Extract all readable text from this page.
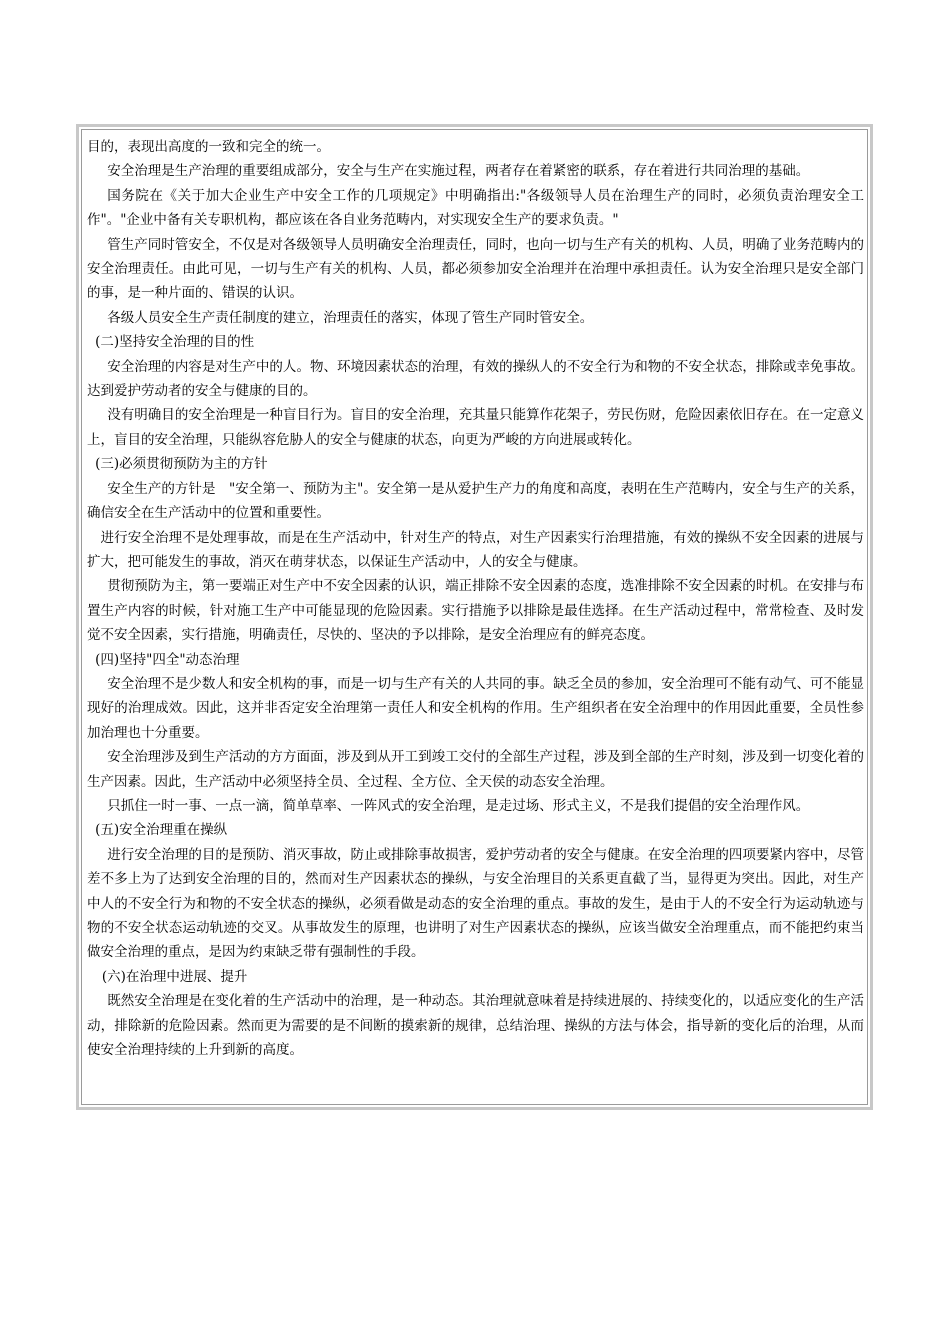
目的，表现出高度的一致和完全的统一。

安全治理是生产治理的重要组成部分，安全与生产在实施过程，两者存在着紧密的联系，存在着进行共同治理的基础。

国务院在《关于加大企业生产中安全工作的几项规定》中明确指出:"各级领导人员在治理生产的同时，必须负责治理安全工作"。"企业中备有关专职机构，都应该在各自业务范畴内，对实现安全生产的要求负责。"

管生产同时管安全，不仅是对各级领导人员明确安全治理责任，同时，也向一切与生产有关的机构、人员，明确了业务范畴内的安全治理责任。由此可见，一切与生产有关的机构、人员，都必须参加安全治理并在治理中承担责任。认为安全治理只是安全部门的事，是一种片面的、错误的认识。

各级人员安全生产责任制度的建立，治理责任的落实，体现了管生产同时管安全。

(二)坚持安全治理的目的性

安全治理的内容是对生产中的人。物、环境因素状态的治理，有效的操纵人的不安全行为和物的不安全状态，排除或幸免事故。达到爱护劳动者的安全与健康的目的。

没有明确目的安全治理是一种盲目行为。盲目的安全治理，充其量只能算作花架子，劳民伤财，危险因素依旧存在。在一定意义上，盲目的安全治理，只能纵容危胁人的安全与健康的状态，向更为严峻的方向进展或转化。

(三)必须贯彻预防为主的方针

安全生产的方针是　"安全第一、预防为主"。安全第一是从爱护生产力的角度和高度，表明在生产范畴内，安全与生产的关系，确信安全在生产活动中的位置和重要性。

进行安全治理不是处理事故，而是在生产活动中，针对生产的特点，对生产因素实行治理措施，有效的操纵不安全因素的进展与扩大，把可能发生的事故，消灭在萌芽状态，以保证生产活动中，人的安全与健康。

贯彻预防为主，第一要端正对生产中不安全因素的认识，端正排除不安全因素的态度，选准排除不安全因素的时机。在安排与布置生产内容的时候，针对施工生产中可能显现的危险因素。实行措施予以排除是最佳选择。在生产活动过程中，常常检查、及时发觉不安全因素，实行措施，明确责任，尽快的、坚决的予以排除，是安全治理应有的鲜亮态度。

(四)坚持"四全"动态治理

安全治理不是少数人和安全机构的事，而是一切与生产有关的人共同的事。缺乏全员的参加，安全治理可不能有动气、可不能显现好的治理成效。因此，这并非否定安全治理第一责任人和安全机构的作用。生产组织者在安全治理中的作用因此重要，全员性参加治理也十分重要。

安全治理涉及到生产活动的方方面面，涉及到从开工到竣工交付的全部生产过程，涉及到全部的生产时刻，涉及到一切变化着的生产因素。因此，生产活动中必须坚持全员、全过程、全方位、全天侯的动态安全治理。

只抓住一时一事、一点一滴，简单草率、一阵风式的安全治理，是走过场、形式主义，不是我们提倡的安全治理作风。

(五)安全治理重在操纵

进行安全治理的目的是预防、消灭事故，防止或排除事故损害，爱护劳动者的安全与健康。在安全治理的四项要紧内容中，尽管差不多上为了达到安全治理的目的，然而对生产因素状态的操纵，与安全治理目的关系更直截了当，显得更为突出。因此，对生产中人的不安全行为和物的不安全状态的操纵，必须看做是动态的安全治理的重点。事故的发生，是由于人的不安全行为运动轨迹与物的不安全状态运动轨迹的交叉。从事故发生的原理，也讲明了对生产因素状态的操纵，应该当做安全治理重点，而不能把约束当做安全治理的重点，是因为约束缺乏带有强制性的手段。

(六)在治理中进展、提升

既然安全治理是在变化着的生产活动中的治理，是一种动态。其治理就意味着是持续进展的、持续变化的，以适应变化的生产活动，排除新的危险因素。然而更为需要的是不间断的摸索新的规律，总结治理、操纵的方法与体会，指导新的变化后的治理，从而使安全治理持续的上升到新的高度。
